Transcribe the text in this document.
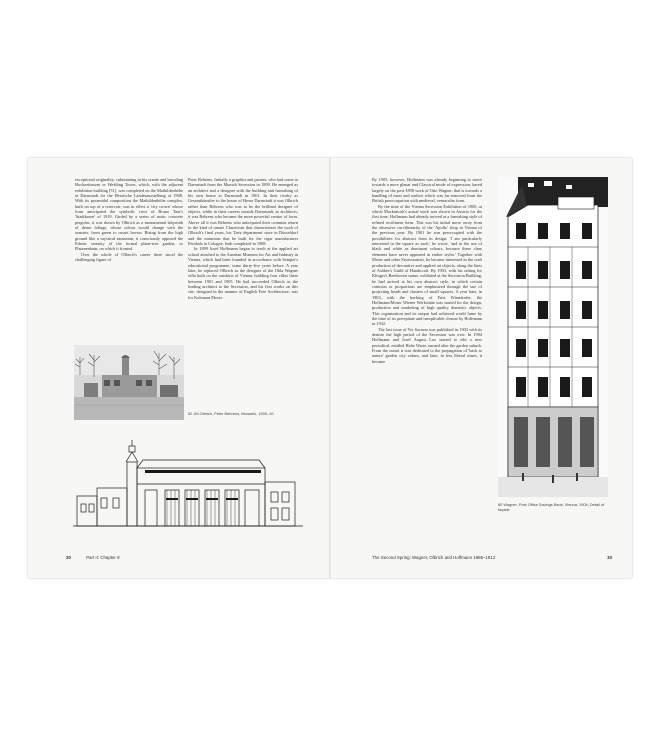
exceptional originality, culminating in his ornate and brooding Hochzeitsturm or Wedding Tower, which, with the adjacent exhibition building [51], was completed on the Mathildenhöhe in Darmstadt for the Hessische Landesausstellung of 1908. With its pyramidal composition the Mathildenhöhe complex, built on top of a reservoir, was in effect a 'city crown' whose form anticipated the symbolic crest of Bruno Taut's 'Stadtkrone' of 1919. Girded by a series of rustic concrete pergolas, it was drawn by Olbrich as a monumental labyrinth of dense foliage, whose colour would change with the seasons: from green to russet brown. Rising from the high ground like a mystical mountain, it consciously opposed the Edenic serenity of the formal plane-tree garden, or Platanenhain, on which it fronted.

Over the whole of Olbrich's career there stood the challenging figure of

Peter Behrens. Initially a graphist and painter, who had come to Darmstadt from the Munich Secession in 1899. He emerged as an architect and a designer with the building and furnishing of his own house at Darmstadt in 1901. In their rivalry as Gesamtkünstler to the house of Hesse Darmstadt it was Olbrich rather than Behrens who was to be the brilliant designer of objects, while in their careers outside Darmstadt, as architects, it was Behrens who became the more powerful creator of form. Above all it was Behrens who anticipated their common return to the kind of ornate Classicism that characterizes the work of Olbrich's final years, his Tietz department store in Düsseldorf and the mansions that he built for the cigar manufacturer Feinhals in Cologne, both completed in 1908.

In 1899 Josef Hoffmann began to teach at the applied art school attached to the Austrian Museum for Art and Industry in Vienna, which had been founded in accordance with Semper's educational programme, some thirty-five years before. A year later, he replaced Olbrich as the designer of the Ohla Wagner villa built on the outskirts of Vienna, building four villas there between 1901 and 1905. He had succeeded Olbrich as the leading architect to the Secession, and his first works on this site, designed in the manner of English Free Architecture, was for Koloman Moser.

52 JM Olbrich, Peter Behrens, Brussels, 1909–10.
30	Part II: Chapter 8

By 1905, however, Hoffmann was already beginning to move towards a more planar and Classical mode of expression, based largely on the post-1898 work of Otto Wagner, that is towards a handling of mass and surface which was far removed from the British preoccupation with medieval, vernacular form.

By the time of the Vienna Secession Exhibition of 1900, at which Mackintosh's actual work was shown in Austria for the first time, Hoffmann had already arrived at a furnishing style of refined rectilinear form. This was his initial move away from the obsessive curvilinearity of the 'Apollo' shop in Vienna of the previous year. By 1901 he was preoccupied with the possibilities for abstract form in design. 'I am particularly interested in the square as such,' he wrote, 'and in the use of black and white as dominant colours, because these clear elements have never appeared in earlier styles.' Together with Moser and other Secessionists, he became interested in the craft production of decorative and applied art objects, along the lines of Ashbee's Guild of Handicraft. By 1903, with his setting for Klinger's Beethoven statue, exhibited at the Secession Building, he had arrived at his own abstract style, in which certain contours or proportions are emphasized through the use of projecting beads and clusters of small squares. A year later, in 1903, with the backing of Fritz Wärndorfer, the Hoffmann/Moser Wiener Werkstätte was started for the design, production and marketing of high quality domestic objects. This organization and its output had achieved world fame by the time of its precipitate and inexplicable closure by Hoffmann in 1932.

The last issue of Ver Sacrum was published in 1903 with its demise the high period of the Secession was over. In 1904 Hoffmann and Josef August Lux started to edit a new periodical, entitled Hohe Warte, named after the garden suburb. From the outset it was dedicated to the propagation of 'back to nature' garden city values, and later, in less liberal times, it became

60 Wagner, Post Office Savings Bank, Vienna, 1904; Detail of façade
The Second Spring: Wagner, Olbrich and Hoffmann 1886–1912	33
